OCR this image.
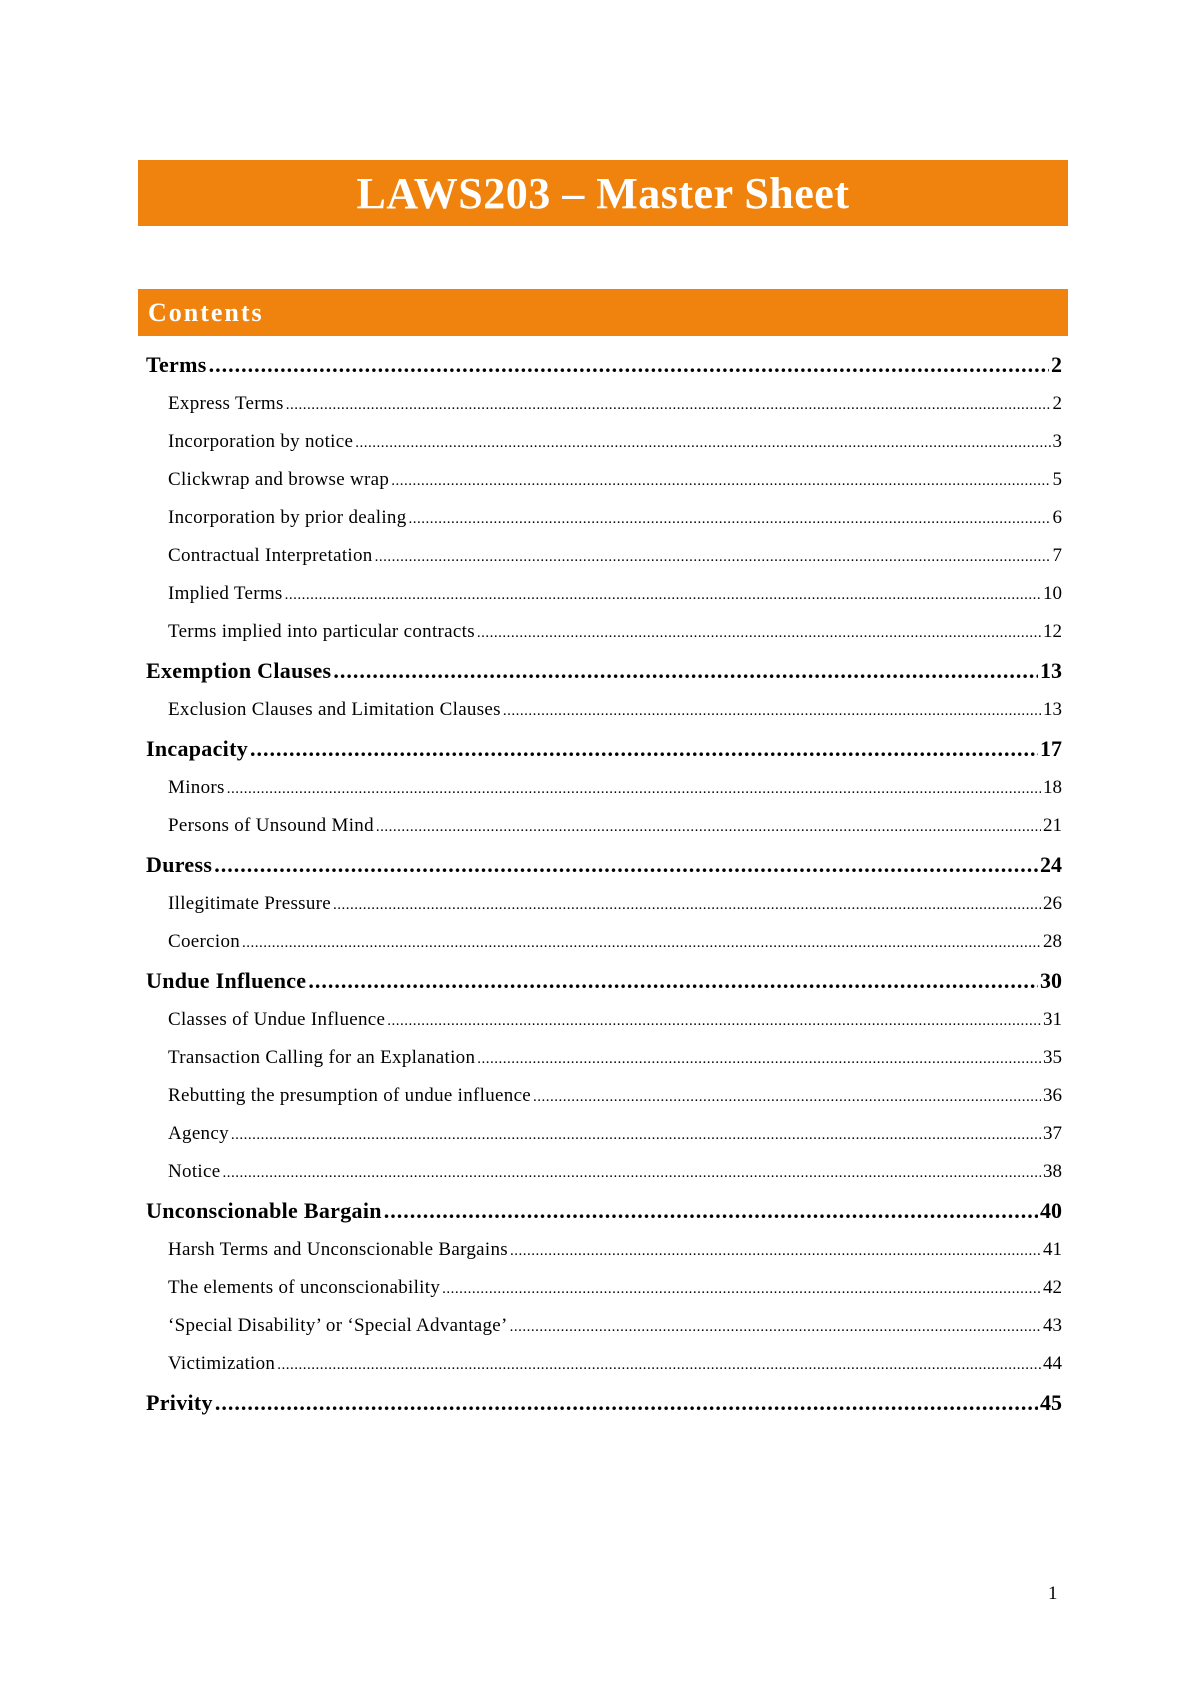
LAWS203 – Master Sheet
Contents
Terms .....	2
Express Terms .....	2
Incorporation by notice .....	3
Clickwrap and browse wrap .....	5
Incorporation by prior dealing .....	6
Contractual Interpretation .....	7
Implied Terms .....	10
Terms implied into particular contracts .....	12
Exemption Clauses .....	13
Exclusion Clauses and Limitation Clauses .....	13
Incapacity .....	17
Minors .....	18
Persons of Unsound Mind .....	21
Duress .....	24
Illegitimate Pressure .....	26
Coercion .....	28
Undue Influence .....	30
Classes of Undue Influence .....	31
Transaction Calling for an Explanation .....	35
Rebutting the presumption of undue influence .....	36
Agency .....	37
Notice .....	38
Unconscionable Bargain .....	40
Harsh Terms and Unconscionable Bargains .....	41
The elements of unconscionability .....	42
‘Special Disability’ or ‘Special Advantage’ .....	43
Victimization .....	44
Privity .....	45
1
